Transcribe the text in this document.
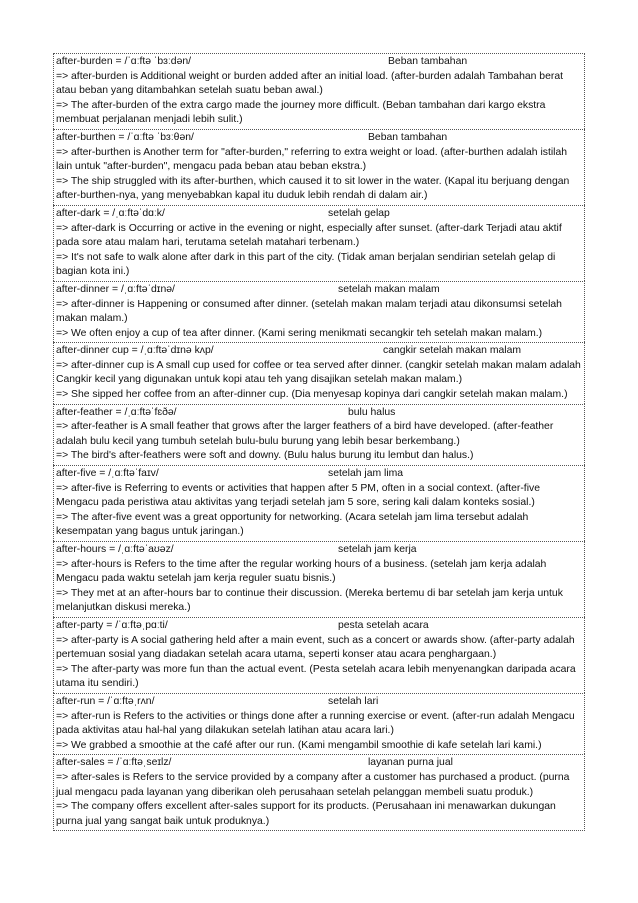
after-burden = /ˈɑːftə ˈbɜːdən/	Beban tambahan
=> after-burden is Additional weight or burden added after an initial load. (after-burden adalah Tambahan berat atau beban yang ditambahkan setelah suatu beban awal.)
=> The after-burden of the extra cargo made the journey more difficult. (Beban tambahan dari kargo ekstra membuat perjalanan menjadi lebih sulit.)
after-burthen = /ˈɑːftə ˈbɜːθən/	Beban tambahan
=> after-burthen is Another term for "after-burden," referring to extra weight or load. (after-burthen adalah istilah lain untuk "after-burden", mengacu pada beban atau beban ekstra.)
=> The ship struggled with its after-burthen, which caused it to sit lower in the water. (Kapal itu berjuang dengan after-burthen-nya, yang menyebabkan kapal itu duduk lebih rendah di dalam air.)
after-dark = /ˌɑːftəˈdɑːk/	setelah gelap
=> after-dark is Occurring or active in the evening or night, especially after sunset. (after-dark Terjadi atau aktif pada sore atau malam hari, terutama setelah matahari terbenam.)
=> It's not safe to walk alone after dark in this part of the city. (Tidak aman berjalan sendirian setelah gelap di bagian kota ini.)
after-dinner = /ˌɑːftəˈdɪnə/	setelah makan malam
=> after-dinner is Happening or consumed after dinner. (setelah makan malam terjadi atau dikonsumsi setelah makan malam.)
=> We often enjoy a cup of tea after dinner. (Kami sering menikmati secangkir teh setelah makan malam.)
after-dinner cup = /ˌɑːftəˈdɪnə kʌp/	cangkir setelah makan malam
=> after-dinner cup is A small cup used for coffee or tea served after dinner. (cangkir setelah makan malam adalah Cangkir kecil yang digunakan untuk kopi atau teh yang disajikan setelah makan malam.)
=> She sipped her coffee from an after-dinner cup. (Dia menyesap kopinya dari cangkir setelah makan malam.)
after-feather = /ˌɑːftəˈfɛðə/	bulu halus
=> after-feather is A small feather that grows after the larger feathers of a bird have developed. (after-feather adalah bulu kecil yang tumbuh setelah bulu-bulu burung yang lebih besar berkembang.)
=> The bird's after-feathers were soft and downy. (Bulu halus burung itu lembut dan halus.)
after-five = /ˌɑːftəˈfaɪv/	setelah jam lima
=> after-five is Referring to events or activities that happen after 5 PM, often in a social context. (after-five Mengacu pada peristiwa atau aktivitas yang terjadi setelah jam 5 sore, sering kali dalam konteks sosial.)
=> The after-five event was a great opportunity for networking. (Acara setelah jam lima tersebut adalah kesempatan yang bagus untuk jaringan.)
after-hours = /ˌɑːftəˈaʊəz/	setelah jam kerja
=> after-hours is Refers to the time after the regular working hours of a business. (setelah jam kerja adalah Mengacu pada waktu setelah jam kerja reguler suatu bisnis.)
=> They met at an after-hours bar to continue their discussion. (Mereka bertemu di bar setelah jam kerja untuk melanjutkan diskusi mereka.)
after-party = /ˈɑːftəˌpɑːti/	pesta setelah acara
=> after-party is A social gathering held after a main event, such as a concert or awards show. (after-party adalah pertemuan sosial yang diadakan setelah acara utama, seperti konser atau acara penghargaan.)
=> The after-party was more fun than the actual event. (Pesta setelah acara lebih menyenangkan daripada acara utama itu sendiri.)
after-run = /ˈɑːftəˌrʌn/	setelah lari
=> after-run is Refers to the activities or things done after a running exercise or event. (after-run adalah Mengacu pada aktivitas atau hal-hal yang dilakukan setelah latihan atau acara lari.)
=> We grabbed a smoothie at the café after our run. (Kami mengambil smoothie di kafe setelah lari kami.)
after-sales = /ˈɑːftəˌseɪlz/	layanan purna jual
=> after-sales is Refers to the service provided by a company after a customer has purchased a product. (purna jual mengacu pada layanan yang diberikan oleh perusahaan setelah pelanggan membeli suatu produk.)
=> The company offers excellent after-sales support for its products. (Perusahaan ini menawarkan dukungan purna jual yang sangat baik untuk produknya.)
